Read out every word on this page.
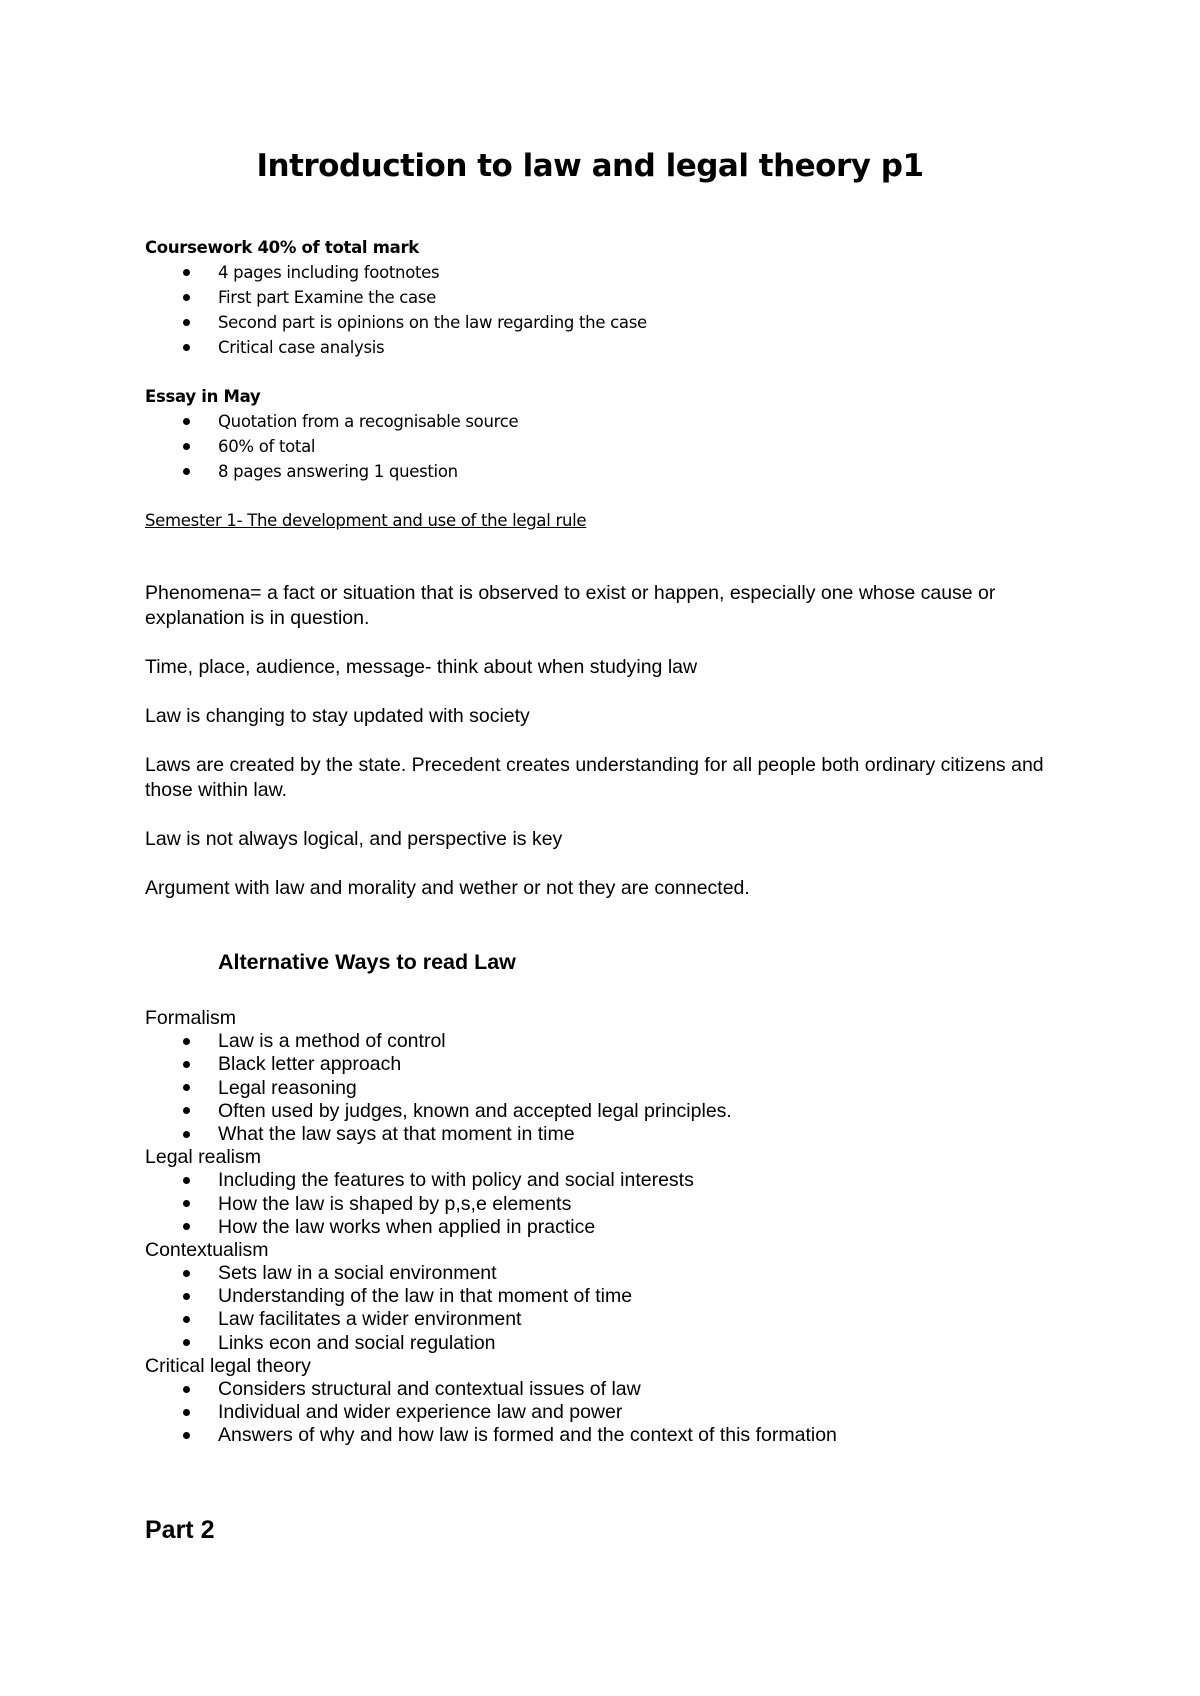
Introduction to law and legal theory p1
Coursework 40% of total mark
4 pages including footnotes
First part Examine the case
Second part is opinions on the law regarding the case
Critical case analysis
Essay in May
Quotation from a recognisable source
60% of total
8 pages answering 1 question
Semester 1- The development and use of the legal rule

Phenomena= a fact or situation that is observed to exist or happen, especially one whose cause or explanation is in question.

Time, place, audience, message- think about when studying law

Law is changing to stay updated with society

Laws are created by the state. Precedent creates understanding for all people both ordinary citizens and those within law.

Law is not always logical, and perspective is key

Argument with law and morality and wether or not they are connected.

Alternative Ways to read Law
Formalism
Law is a method of control
Black letter approach
Legal reasoning
Often used by judges, known and accepted legal principles.
What the law says at that moment in time
Legal realism
Including the features to with policy and social interests
How the law is shaped by p,s,e elements
How the law works when applied in practice
Contextualism
Sets law in a social environment
Understanding of the law in that moment of time
Law facilitates a wider environment
Links econ and social regulation
Critical legal theory
Considers structural and contextual issues of law
Individual and wider experience law and power
Answers of why and how law is formed and the context of this formation
Part 2
